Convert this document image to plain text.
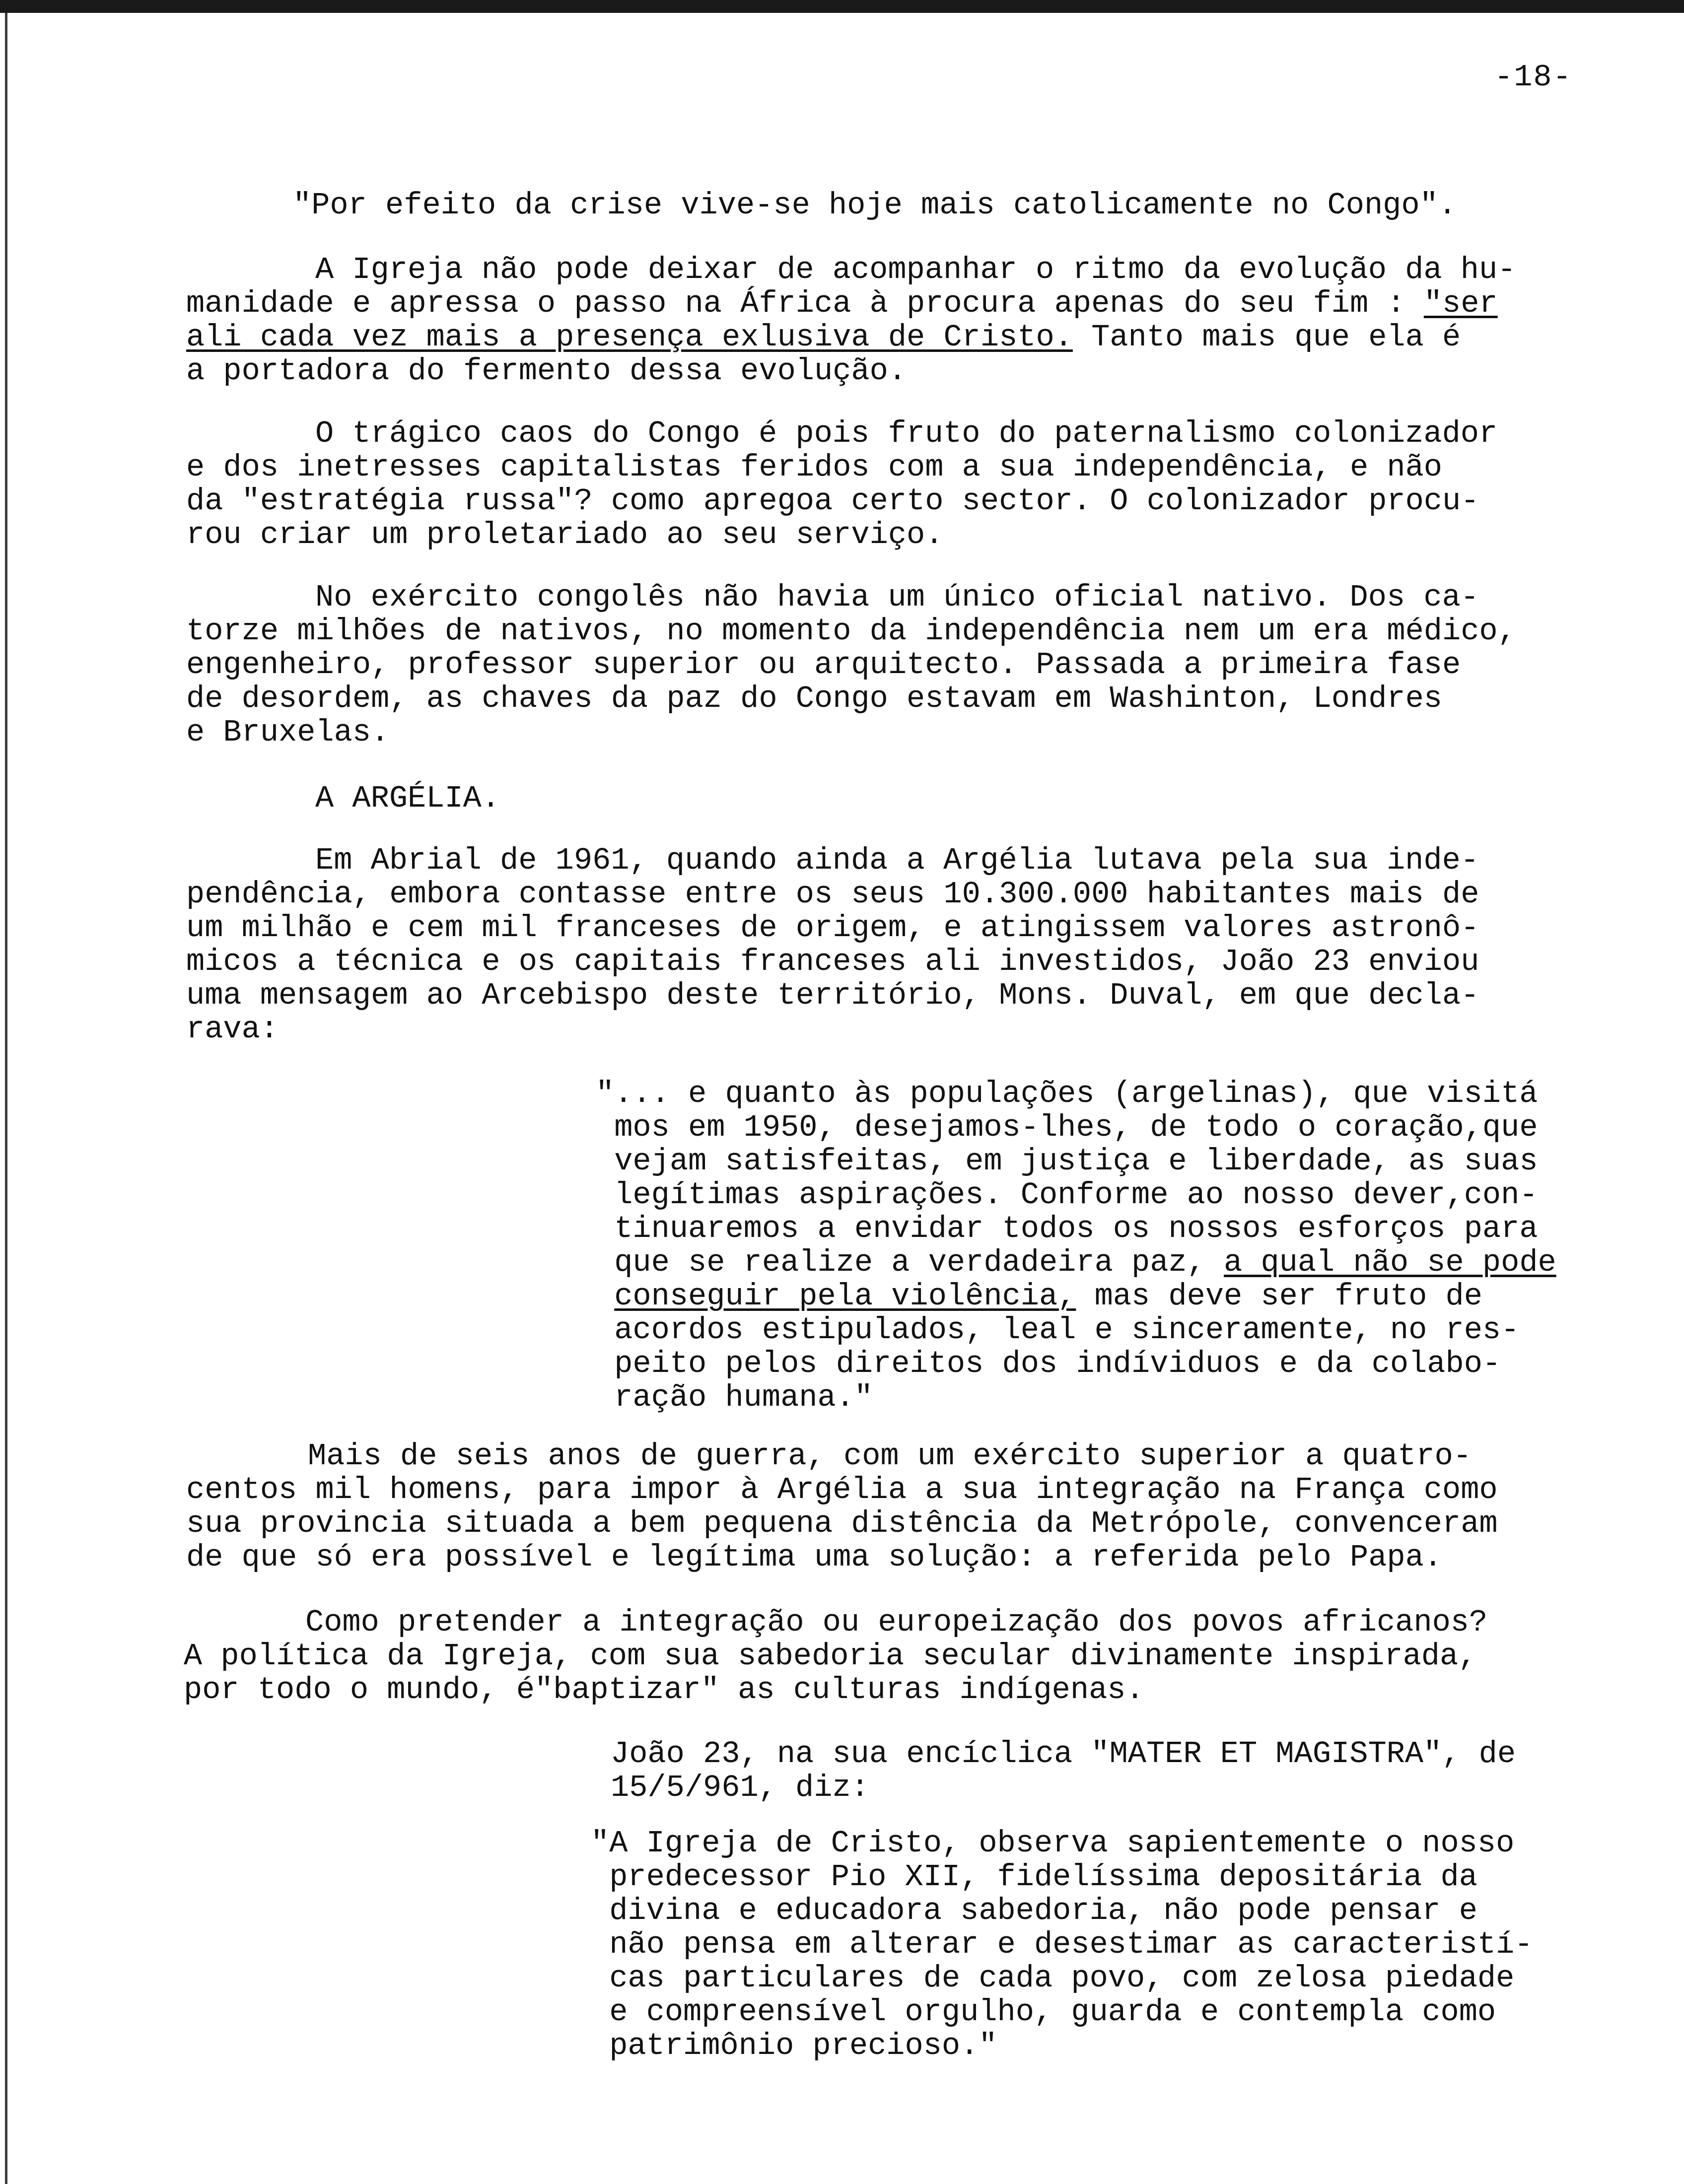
-18-
"Por efeito da crise vive-se hoje mais catolicamente no Congo".
A Igreja não pode deixar de acompanhar o ritmo da evolução da hu-
manidade e apressa o passo na África à procura apenas do seu fim : "ser
ali cada vez mais a presença exlusiva de Cristo. Tanto mais que ela é
a portadora do fermento dessa evolução.
O trágico caos do Congo é pois fruto do paternalismo colonizador
e dos inetresses capitalistas feridos com a sua independência, e não
da "estratégia russa"? como apregoa certo sector. O colonizador procu-
rou criar um proletariado ao seu serviço.
No exército congolês não havia um único oficial nativo. Dos ca-
torze milhões de nativos, no momento da independência nem um era médico,
engenheiro, professor superior ou arquitecto. Passada a primeira fase
de desordem, as chaves da paz do Congo estavam em Washinton, Londres
e Bruxelas.
A ARGÉLIA.
Em Abrial de 1961, quando ainda a Argélia lutava pela sua inde-
pendência, embora contasse entre os seus 10.300.000 habitantes mais de
um milhão e cem mil franceses de origem, e atingissem valores astronô-
micos a técnica e os capitais franceses ali investidos, João 23 enviou
uma mensagem ao Arcebispo deste território, Mons. Duval, em que decla-
rava:
"... e quanto às populações (argelinas), que visitá
mos em 1950, desejamos-lhes, de todo o coração,que
vejam satisfeitas, em justiça e liberdade, as suas
legítimas aspirações. Conforme ao nosso dever,con-
tinuaremos a envidar todos os nossos esforços para
que se realize a verdadeira paz, a qual não se pode
conseguir pela violência, mas deve ser fruto de
acordos estipulados, leal e sinceramente, no res-
peito pelos direitos dos indíviduos e da colabo-
ração humana."
Mais de seis anos de guerra, com um exército superior a quatro-
centos mil homens, para impor à Argélia a sua integração na França como
sua provincia situada a bem pequena distência da Metrópole, convenceram
de que só era possível e legítima uma solução: a referida pelo Papa.
Como pretender a integração ou europeização dos povos africanos?
A política da Igreja, com sua sabedoria secular divinamente inspirada,
por todo o mundo, é"baptizar" as culturas indígenas.
João 23, na sua encíclica "MATER ET MAGISTRA", de
15/5/961, diz:
"A Igreja de Cristo, observa sapientemente o nosso
predecessor Pio XII, fidelíssima depositária da
divina e educadora sabedoria, não pode pensar e
não pensa em alterar e desestimar as caracteristí-
cas particulares de cada povo, com zelosa piedade
e compreensível orgulho, guarda e contempla como
patrimônio precioso."
